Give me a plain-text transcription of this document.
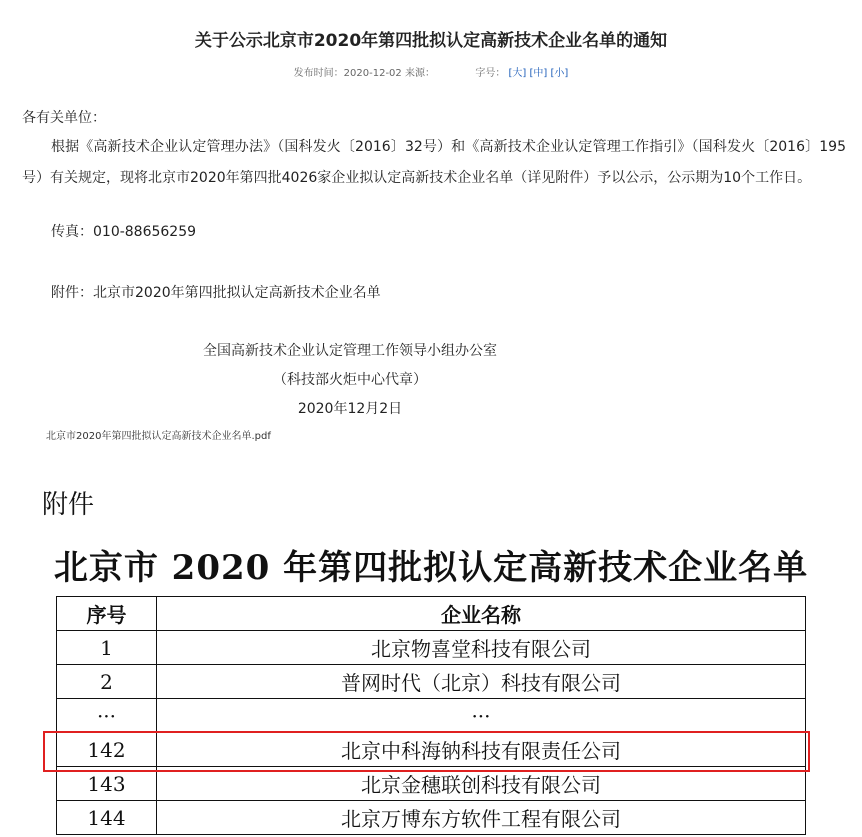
关于公示北京市2020年第四批拟认定高新技术企业名单的通知
发布时间：2020-12-02 来源：	字号： [大] [中] [小]
各有关单位：
根据《高新技术企业认定管理办法》（国科发火〔2016〕32号）和《高新技术企业认定管理工作指引》（国科发火〔2016〕195号）有关规定，现将北京市2020年第四批4026家企业拟认定高新技术企业名单（详见附件）予以公示，公示期为10个工作日。
传真：010-88656259
附件：北京市2020年第四批拟认定高新技术企业名单
全国高新技术企业认定管理工作领导小组办公室
（科技部火炬中心代章）
2020年12月2日
北京市2020年第四批拟认定高新技术企业名单.pdf
附件
北京市 2020 年第四批拟认定高新技术企业名单
序号	企业名称
1	北京物喜堂科技有限公司
2	普网时代（北京）科技有限公司
···	···
142	北京中科海钠科技有限责任公司
143	北京金穗联创科技有限公司
144	北京万博东方软件工程有限公司
